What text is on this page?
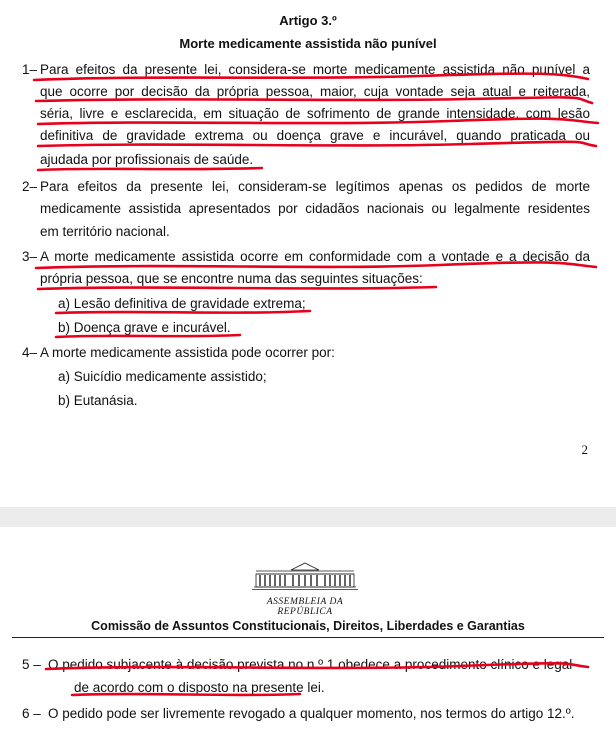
Artigo 3.º
Morte medicamente assistida não punível
1– Para efeitos da presente lei, considera-se morte medicamente assistida não punível a
que ocorre por decisão da própria pessoa, maior, cuja vontade seja atual e reiterada,
séria, livre e esclarecida, em situação de sofrimento de grande intensidade, com lesão
definitiva de gravidade extrema ou doença grave e incurável, quando praticada ou
ajudada por profissionais de saúde.
2– Para efeitos da presente lei, consideram-se legítimos apenas os pedidos de morte
medicamente assistida apresentados por cidadãos nacionais ou legalmente residentes
em território nacional.
3– A morte medicamente assistida ocorre em conformidade com a vontade e a decisão da
própria pessoa, que se encontre numa das seguintes situações:
a) Lesão definitiva de gravidade extrema;
b) Doença grave e incurável.
4– A morte medicamente assistida pode ocorrer por:
a) Suicídio medicamente assistido;
b) Eutanásia.
2
ASSEMBLEIA DA REPÚBLICA
Comissão de Assuntos Constitucionais, Direitos, Liberdades e Garantias
5 – O pedido subjacente à decisão prevista no n.º 1 obedece a procedimento clínico e legal
de acordo com o disposto na presente lei.
6 – O pedido pode ser livremente revogado a qualquer momento, nos termos do artigo 12.º.
